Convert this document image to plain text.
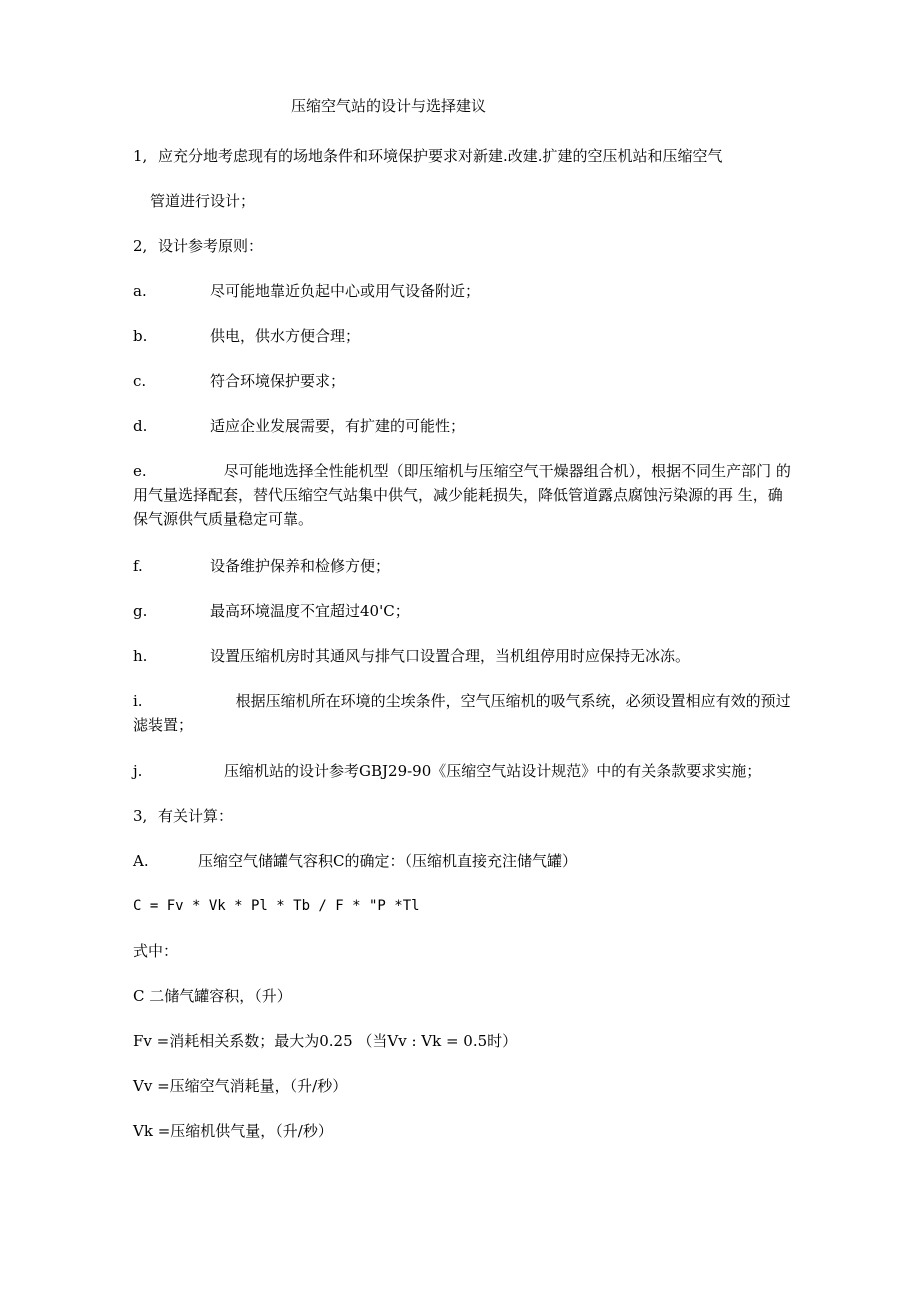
压缩空气站的设计与选择建议
1, 应充分地考虑现有的场地条件和环境保护要求对新建.改建.扩建的空压机站和压缩空气
管道进行设计；
2, 设计参考原则：
a.	尽可能地靠近负起中心或用气设备附近；
b.	供电，供水方便合理；
c.	符合环境保护要求；
d.	适应企业发展需要，有扩建的可能性；
e.	尽可能地选择全性能机型（即压缩机与压缩空气干燥器组合机），根据不同生产部门 的用气量选择配套，替代压缩空气站集中供气，减少能耗损失，降低管道露点腐蚀污染源的再 生，确保气源供气质量稳定可靠。
f.	设备维护保养和检修方便；
g.	最高环境温度不宜超过40'C；
h.	设置压缩机房时其通风与排气口设置合理，当机组停用时应保持无冰冻。
i.	根据压缩机所在环境的尘埃条件，空气压缩机的吸气系统，必须设置相应有效的预过滤装置；
j.	压缩机站的设计参考GBJ29-90《压缩空气站设计规范》中的有关条款要求实施；
3, 有关计算：
A.	压缩空气储罐气容积C的确定：（压缩机直接充注储气罐）
C = Fv * Vk * Pl * Tb / F * "P *Tl
式中：
C 二储气罐容积，（升）
Fv =消耗相关系数；最大为0.25 （当Vv : Vk = 0.5时）
Vv =压缩空气消耗量，（升/秒）
Vk =压缩机供气量，（升/秒）
